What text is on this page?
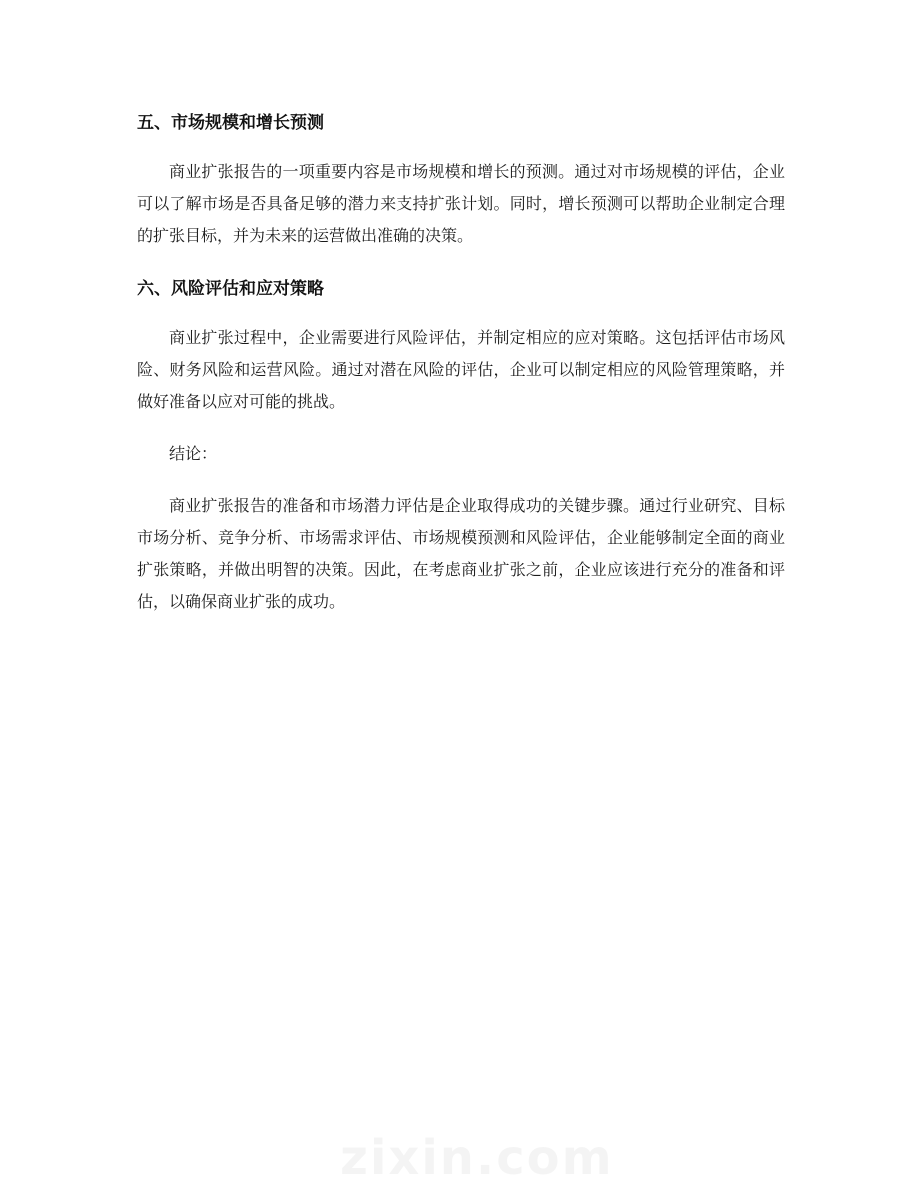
五、市场规模和增长预测

商业扩张报告的一项重要内容是市场规模和增长的预测。通过对市场规模的评估，企业可以了解市场是否具备足够的潜力来支持扩张计划。同时，增长预测可以帮助企业制定合理的扩张目标，并为未来的运营做出准确的决策。

六、风险评估和应对策略

商业扩张过程中，企业需要进行风险评估，并制定相应的应对策略。这包括评估市场风险、财务风险和运营风险。通过对潜在风险的评估，企业可以制定相应的风险管理策略，并做好准备以应对可能的挑战。

结论：

商业扩张报告的准备和市场潜力评估是企业取得成功的关键步骤。通过行业研究、目标市场分析、竞争分析、市场需求评估、市场规模预测和风险评估，企业能够制定全面的商业扩张策略，并做出明智的决策。因此，在考虑商业扩张之前，企业应该进行充分的准备和评估，以确保商业扩张的成功。
